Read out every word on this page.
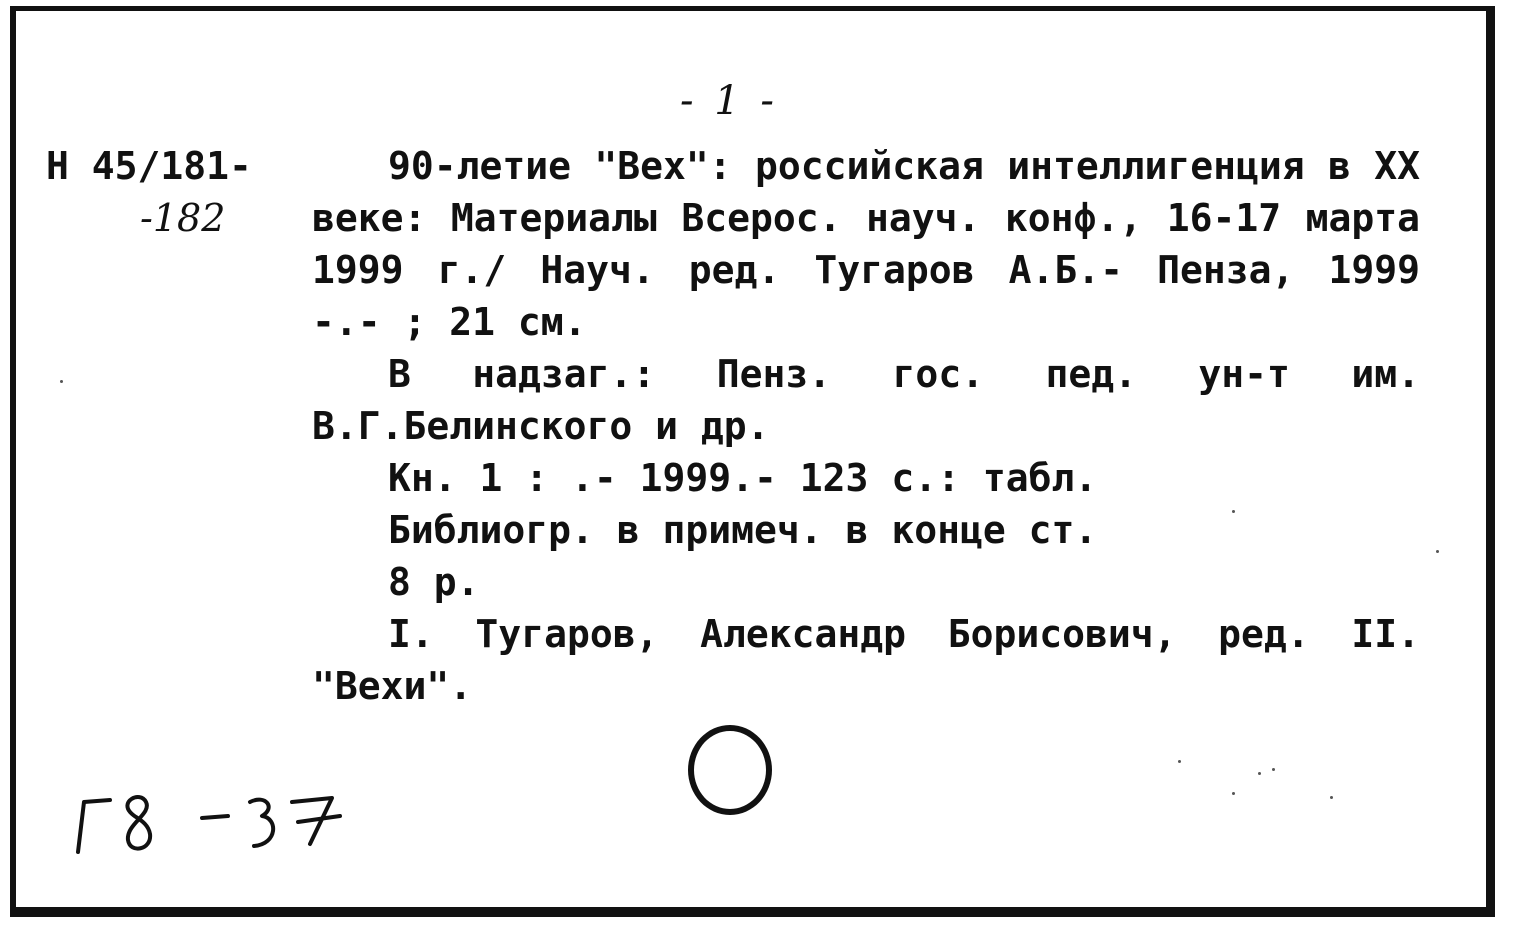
- 1 -
Н 45/181-
-182

90-летие "Вех": российская интеллигенция в XX веке: Материалы Всерос. науч. конф., 16-17 марта 1999 г./ Науч. ред. Тугаров А.Б.- Пенза, 1999 -.- ; 21 см.

В надзаг.: Пенз. гос. пед. ун-т им. В.Г.Белинского и др.

Кн. 1 : .- 1999.- 123 с.: табл.

Библиогр. в примеч. в конце ст.

8 р.

I. Тугаров, Александр Борисович, ред. II. "Вехи".
